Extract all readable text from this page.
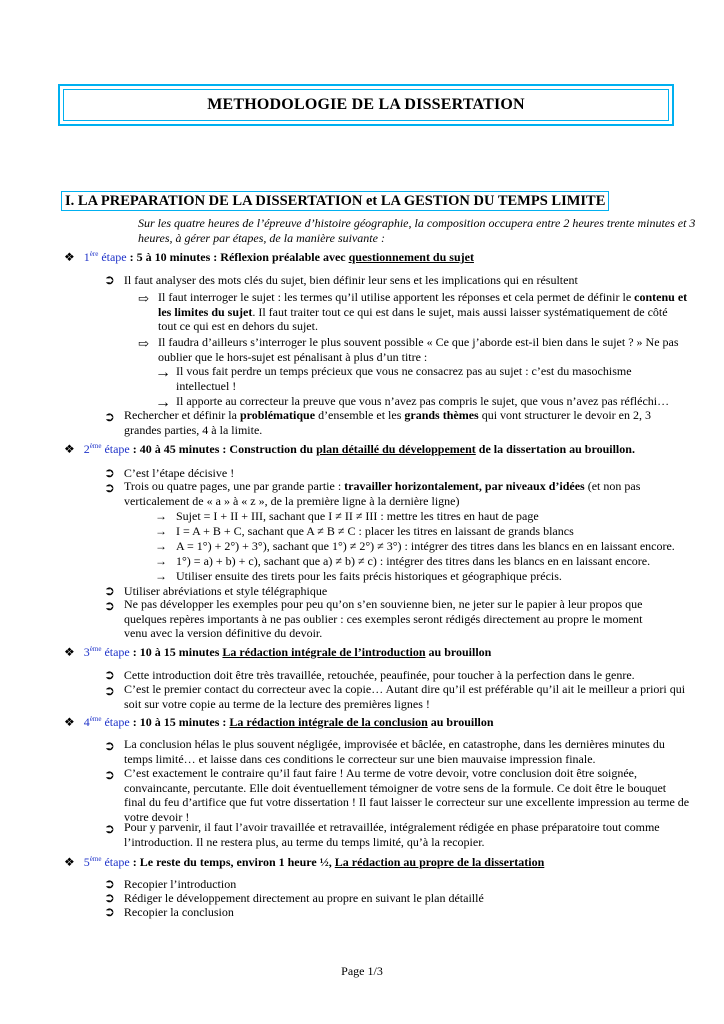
METHODOLOGIE DE LA DISSERTATION
I. LA PREPARATION DE LA DISSERTATION et LA GESTION DU TEMPS LIMITE
Sur les quatre heures de l’épreuve d’histoire géographie, la composition occupera entre 2 heures trente minutes et 3 heures, à gérer par étapes, de la manière suivante :
❖ 1ère étape : 5 à 10 minutes : Réflexion préalable avec questionnement du sujet
➲ Il faut analyser des mots clés du sujet, bien définir leur sens et les implications qui en résultent
⇨ Il faut interroger le sujet : les termes qu’il utilise apportent les réponses et cela permet de définir le contenu et les limites du sujet. Il faut traiter tout ce qui est dans le sujet, mais aussi laisser systématiquement de côté tout ce qui est en dehors du sujet.
⇨ Il faudra d’ailleurs s’interroger le plus souvent possible « Ce que j’aborde est-il bien dans le sujet ? » Ne pas oublier que le hors-sujet est pénalisant à plus d’un titre :
→ Il vous fait perdre un temps précieux que vous ne consacrez pas au sujet : c’est du masochisme intellectuel !
→ Il apporte au correcteur la preuve que vous n’avez pas compris le sujet, que vous n’avez pas réfléchi…
➲ Rechercher et définir la problématique d’ensemble et les grands thèmes qui vont structurer le devoir en 2, 3 grandes parties, 4 à la limite.
❖ 2ème étape : 40 à 45 minutes : Construction du plan détaillé du développement de la dissertation au brouillon.
➲ C’est l’étape décisive !
➲ Trois ou quatre pages, une par grande partie : travailler horizontalement, par niveaux d’idées (et non pas verticalement de « a » à « z », de la première ligne à la dernière ligne)
→ Sujet = I + II + III, sachant que I ≠ II ≠ III : mettre les titres en haut de page
→ I = A + B + C, sachant que A ≠ B ≠ C : placer les titres en laissant de grands blancs
→ A = 1°) + 2°) + 3°), sachant que 1°) ≠ 2°) ≠ 3°) : intégrer des titres dans les blancs en en laissant encore.
→ 1°) = a) + b) + c), sachant que a) ≠ b) ≠ c) : intégrer des titres dans les blancs en en laissant encore.
→ Utiliser ensuite des tirets pour les faits précis historiques et géographique précis.
➲ Utiliser abréviations et style télégraphique
➲ Ne pas développer les exemples pour peu qu’on s’en souvienne bien, ne jeter sur le papier à leur propos que quelques repères importants à ne pas oublier : ces exemples seront rédigés directement au propre le moment venu avec la version définitive du devoir.
❖ 3ème étape : 10 à 15 minutes La rédaction intégrale de l’introduction au brouillon
➲ Cette introduction doit être très travaillée, retouchée, peaufinée, pour toucher à la perfection dans le genre.
➲ C’est le premier contact du correcteur avec la copie… Autant dire qu’il est préférable qu’il ait le meilleur a priori qui soit sur votre copie au terme de la lecture des premières lignes !
❖ 4ème étape : 10 à 15 minutes : La rédaction intégrale de la conclusion au brouillon
➲ La conclusion hélas le plus souvent négligée, improvisée et bâclée, en catastrophe, dans les dernières minutes du temps limité… et laisse dans ces conditions le correcteur sur une bien mauvaise impression finale.
➲ C’est exactement le contraire qu’il faut faire ! Au terme de votre devoir, votre conclusion doit être soignée, convaincante, percutante. Elle doit éventuellement témoigner de votre sens de la formule. Ce doit être le bouquet final du feu d’artifice que fut votre dissertation ! Il faut laisser le correcteur sur une excellente impression au terme de votre devoir !
➲ Pour y parvenir, il faut l’avoir travaillée et retravaillée, intégralement rédigée en phase préparatoire tout comme l’introduction. Il ne restera plus, au terme du temps limité, qu’à la recopier.
❖ 5ème étape : Le reste du temps, environ 1 heure ½, La rédaction au propre de la dissertation
➲ Recopier l’introduction
➲ Rédiger le développement directement au propre en suivant le plan détaillé
➲ Recopier la conclusion
Page 1/3
